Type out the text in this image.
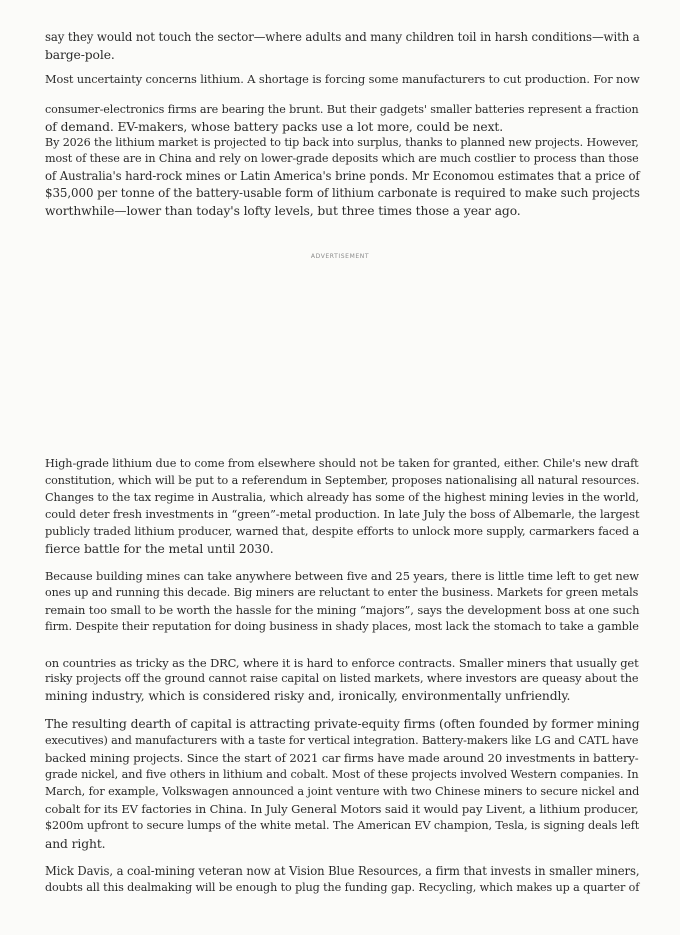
say they would not touch the sector—where adults and many children toil in harsh conditions—with a
barge-pole.
Most uncertainty concerns lithium. A shortage is forcing some manufacturers to cut production. For now
consumer-electronics firms are bearing the brunt. But their gadgets' smaller batteries represent a fraction
of demand. EV-makers, whose battery packs use a lot more, could be next.
By 2026 the lithium market is projected to tip back into surplus, thanks to planned new projects. However,
most of these are in China and rely on lower-grade deposits which are much costlier to process than those
of Australia's hard-rock mines or Latin America's brine ponds. Mr Economou estimates that a price of
$35,000 per tonne of the battery-usable form of lithium carbonate is required to make such projects
worthwhile—lower than today's lofty levels, but three times those a year ago.
ADVERTISEMENT
High-grade lithium due to come from elsewhere should not be taken for granted, either. Chile's new draft
constitution, which will be put to a referendum in September, proposes nationalising all natural resources.
Changes to the tax regime in Australia, which already has some of the highest mining levies in the world,
could deter fresh investments in “green”-metal production. In late July the boss of Albemarle, the largest
publicly traded lithium producer, warned that, despite efforts to unlock more supply, carmarkers faced a
fierce battle for the metal until 2030.
Because building mines can take anywhere between five and 25 years, there is little time left to get new
ones up and running this decade. Big miners are reluctant to enter the business. Markets for green metals
remain too small to be worth the hassle for the mining “majors”, says the development boss at one such
firm. Despite their reputation for doing business in shady places, most lack the stomach to take a gamble
on countries as tricky as the DRC, where it is hard to enforce contracts. Smaller miners that usually get
risky projects off the ground cannot raise capital on listed markets, where investors are queasy about the
mining industry, which is considered risky and, ironically, environmentally unfriendly.
The resulting dearth of capital is attracting private-equity firms (often founded by former mining
executives) and manufacturers with a taste for vertical integration. Battery-makers like LG and CATL have
backed mining projects. Since the start of 2021 car firms have made around 20 investments in battery-
grade nickel, and five others in lithium and cobalt. Most of these projects involved Western companies. In
March, for example, Volkswagen announced a joint venture with two Chinese miners to secure nickel and
cobalt for its EV factories in China. In July General Motors said it would pay Livent, a lithium producer,
$200m upfront to secure lumps of the white metal. The American EV champion, Tesla, is signing deals left
and right.
Mick Davis, a coal-mining veteran now at Vision Blue Resources, a firm that invests in smaller miners,
doubts all this dealmaking will be enough to plug the funding gap. Recycling, which makes up a quarter of
